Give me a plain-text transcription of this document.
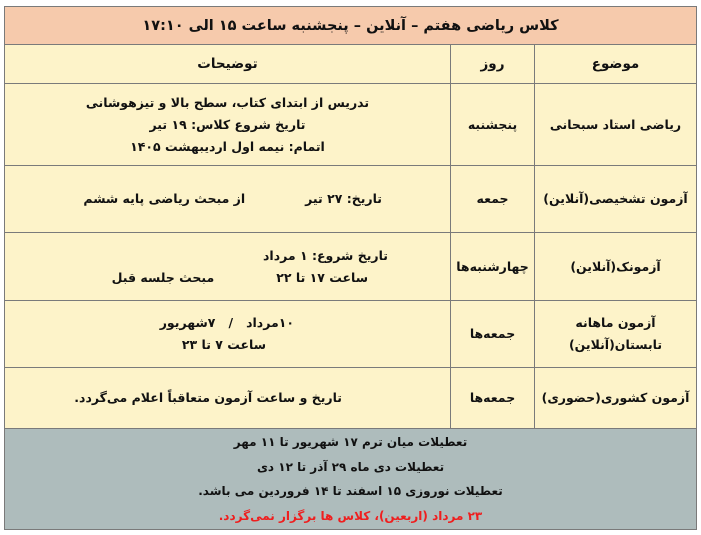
کلاس ریاضی هفتم – آنلاین – پنجشنبه ساعت ۱۵ الی ۱۷:۱۰
موضوع
روز
توضیحات
ریاضی استاد سبحانی
پنجشنبه
تدریس از ابتدای کتاب، سطح بالا و تیزهوشانی
تاریخ شروع کلاس: ۱۹ تیر
اتمام: نیمه اول اردیبهشت ۱۴۰۵
آزمون تشخیصی(آنلاین)
جمعه
تاریخ: ۲۷ تیر
از مبحث ریاضی پایه ششم
آزمونک(آنلاین)
چهارشنبه‌ها
تاریخ شروع: ۱ مرداد
ساعت ۱۷ تا ۲۲
مبحث جلسه قبل
آزمون ماهانه
تابستان(آنلاین)
جمعه‌ها
۱۰مرداد   /   ۷شهریور
ساعت ۷ تا ۲۳
آزمون کشوری(حضوری)
جمعه‌ها
تاریخ و ساعت آزمون متعاقباً اعلام می‌گردد.
تعطیلات میان ترم ۱۷ شهریور تا ۱۱ مهر
تعطیلات دی ماه ۲۹ آذر تا ۱۲ دی
تعطیلات نوروزی ۱۵ اسفند تا ۱۴ فروردین می باشد.
۲۳ مرداد (اربعین)، کلاس ها برگزار نمی‌گردد.
